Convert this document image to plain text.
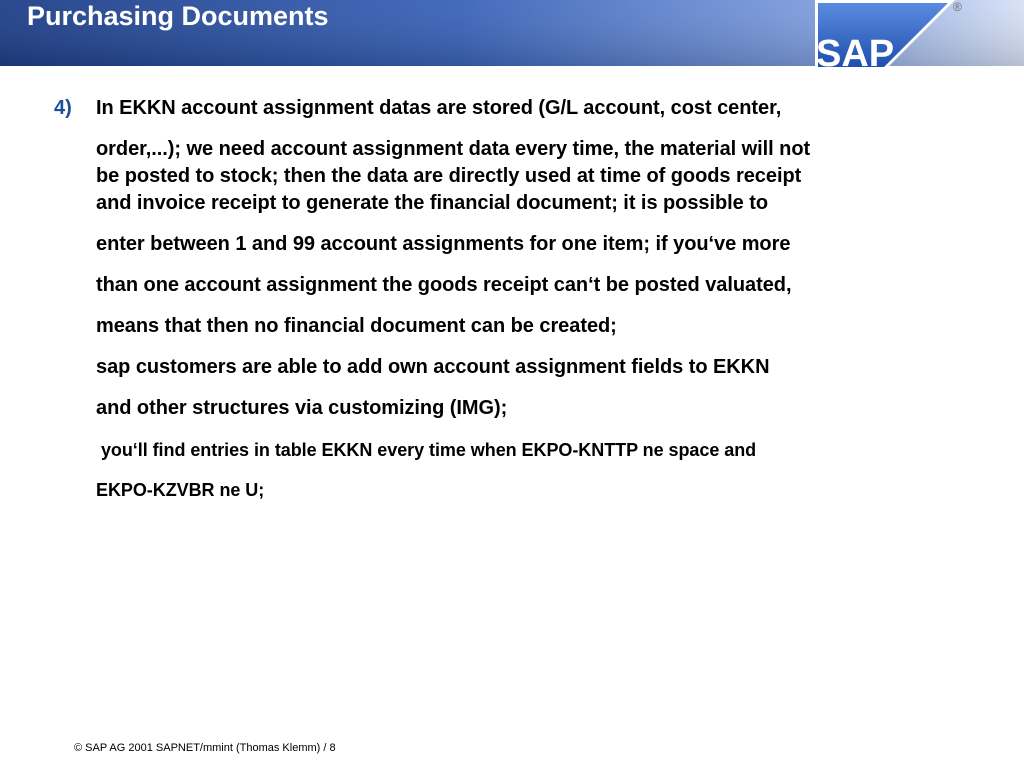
Purchasing Documents
SAP
®
4) In EKKN account assignment datas are stored (G/L account, cost center,
order,...); we need account assignment data every time, the material will not
be posted to stock; then the data are directly used at time of goods receipt
and invoice receipt to generate the financial document; it is possible to
enter between 1 and 99 account assignments for one item; if you‘ve more
than one account assignment the goods receipt can‘t be posted valuated,
means that then no financial document can be created;
sap customers are able to add own account assignment fields to EKKN
and other structures via customizing (IMG);
you‘ll find entries in table EKKN every time when EKPO-KNTTP ne space and
EKPO-KZVBR ne U;
© SAP AG 2001 SAPNET/mmint (Thomas Klemm) / 8
